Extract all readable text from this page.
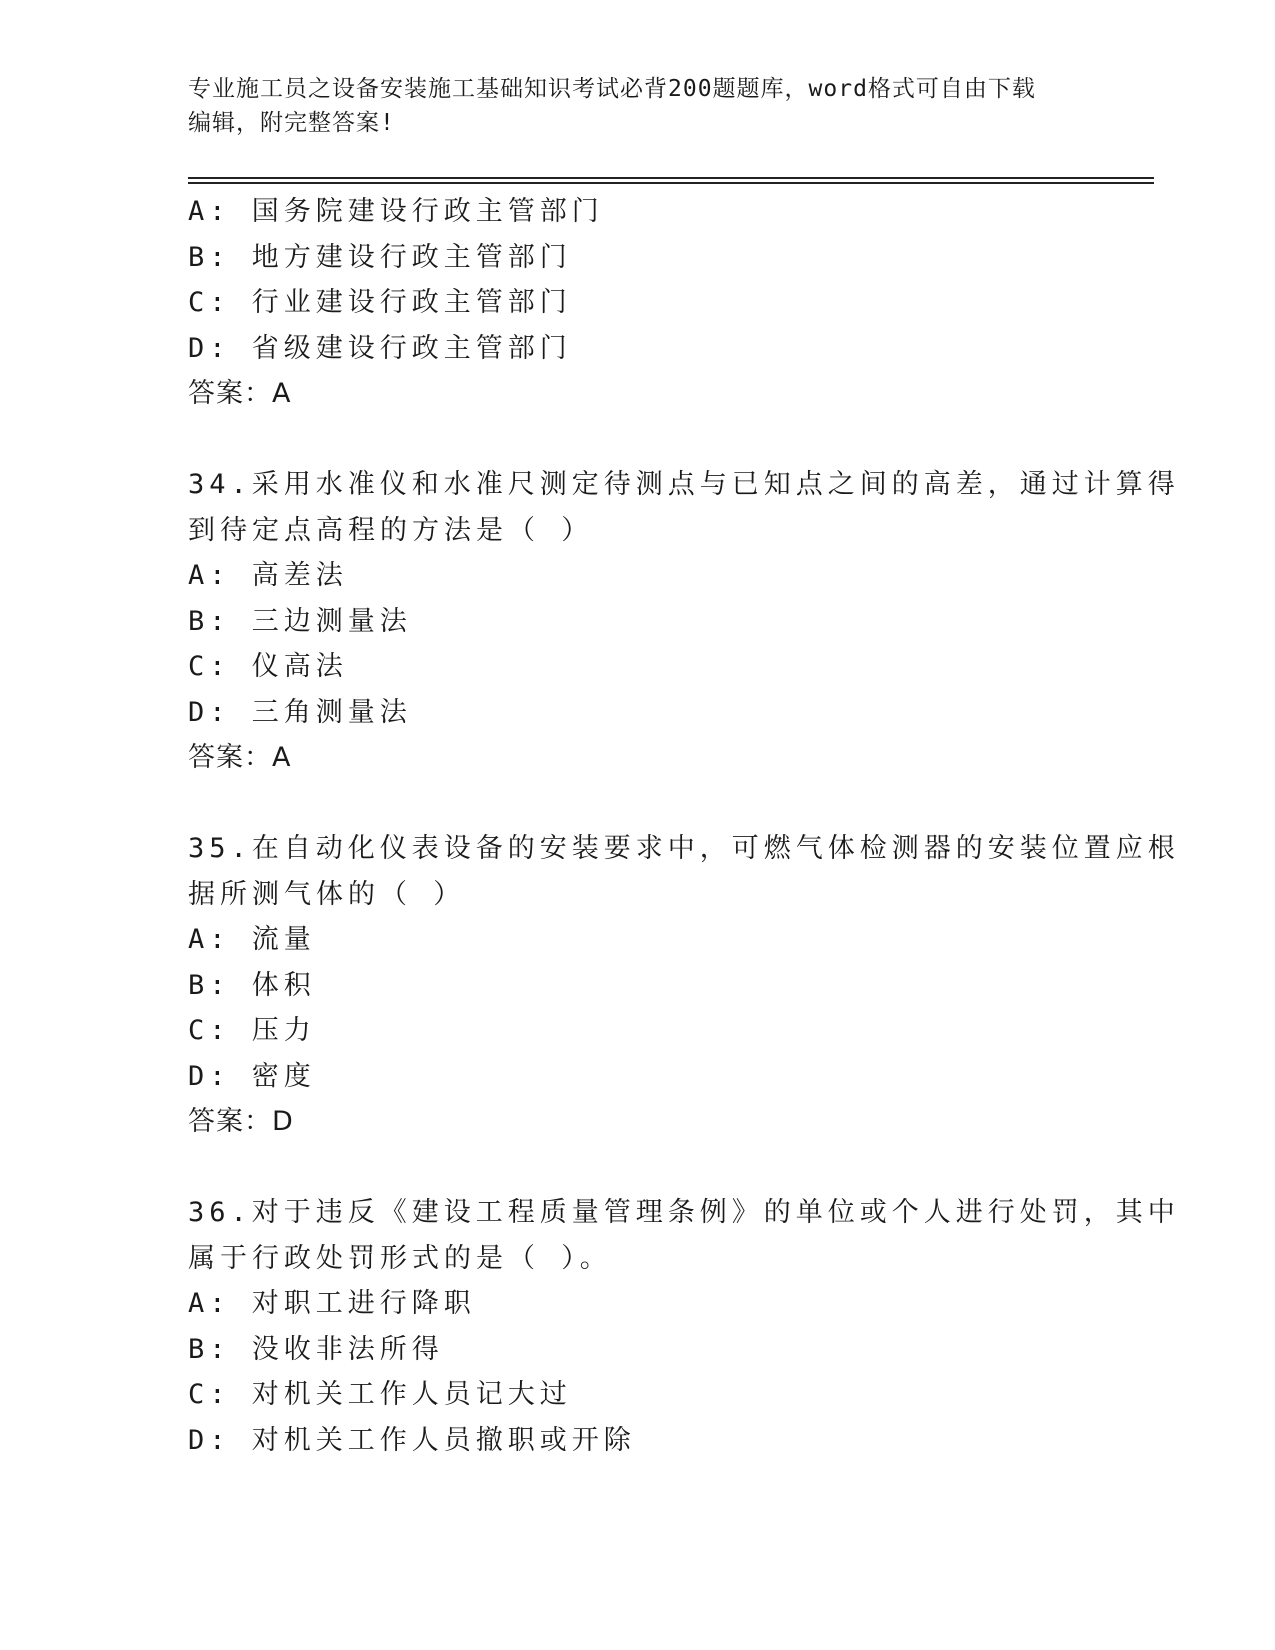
专业施工员之设备安装施工基础知识考试必背200题题库，word格式可自由下载
编辑，附完整答案!
A: 国务院建设行政主管部门
B: 地方建设行政主管部门
C: 行业建设行政主管部门
D: 省级建设行政主管部门
答案：A
34.采用水准仪和水准尺测定待测点与已知点之间的高差，通过计算得
到待定点高程的方法是（ ）
A: 高差法
B: 三边测量法
C: 仪高法
D: 三角测量法
答案：A
35.在自动化仪表设备的安装要求中，可燃气体检测器的安装位置应根
据所测气体的（ ）
A: 流量
B: 体积
C: 压力
D: 密度
答案：D
36.对于违反《建设工程质量管理条例》的单位或个人进行处罚，其中
属于行政处罚形式的是（ ）。
A: 对职工进行降职
B: 没收非法所得
C: 对机关工作人员记大过
D: 对机关工作人员撤职或开除
